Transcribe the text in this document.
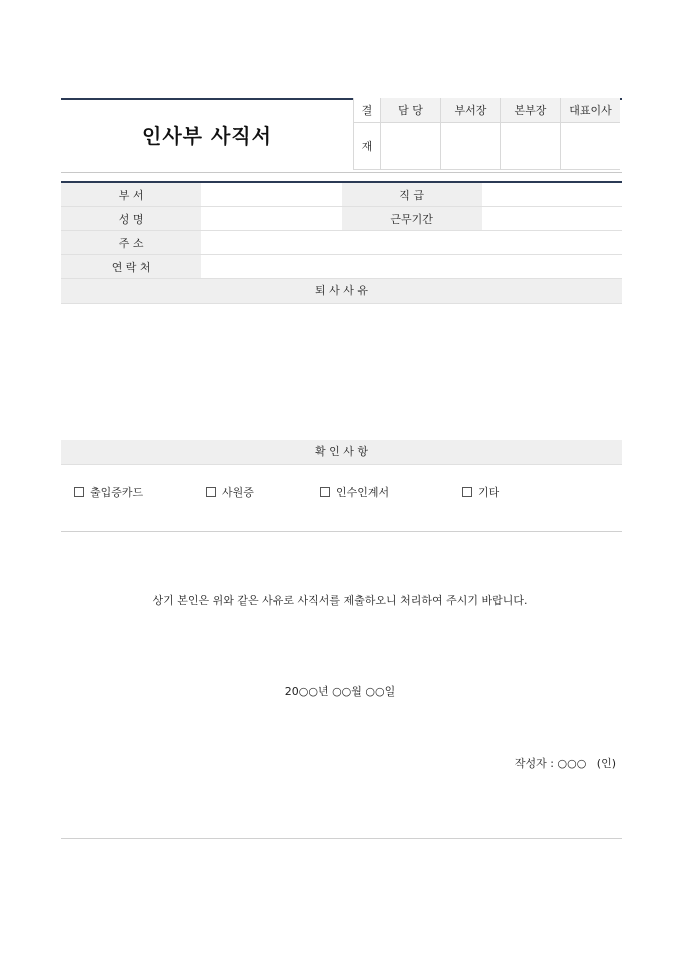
인사부 사직서
결	담 당	부서장	본부장	대표이사
재				
부 서		직 급	
성 명		근무기간	
주 소			
연 락 처			
퇴 사 사 유			

확 인 사 항			
출입증카드	사원증	인수인계서	기타
상기 본인은 위와 같은 사유로 사직서를 제출하오니 처리하여 주시기 바랍니다.
20○○년 ○○월 ○○일
작성자 : ○○○   (인)
